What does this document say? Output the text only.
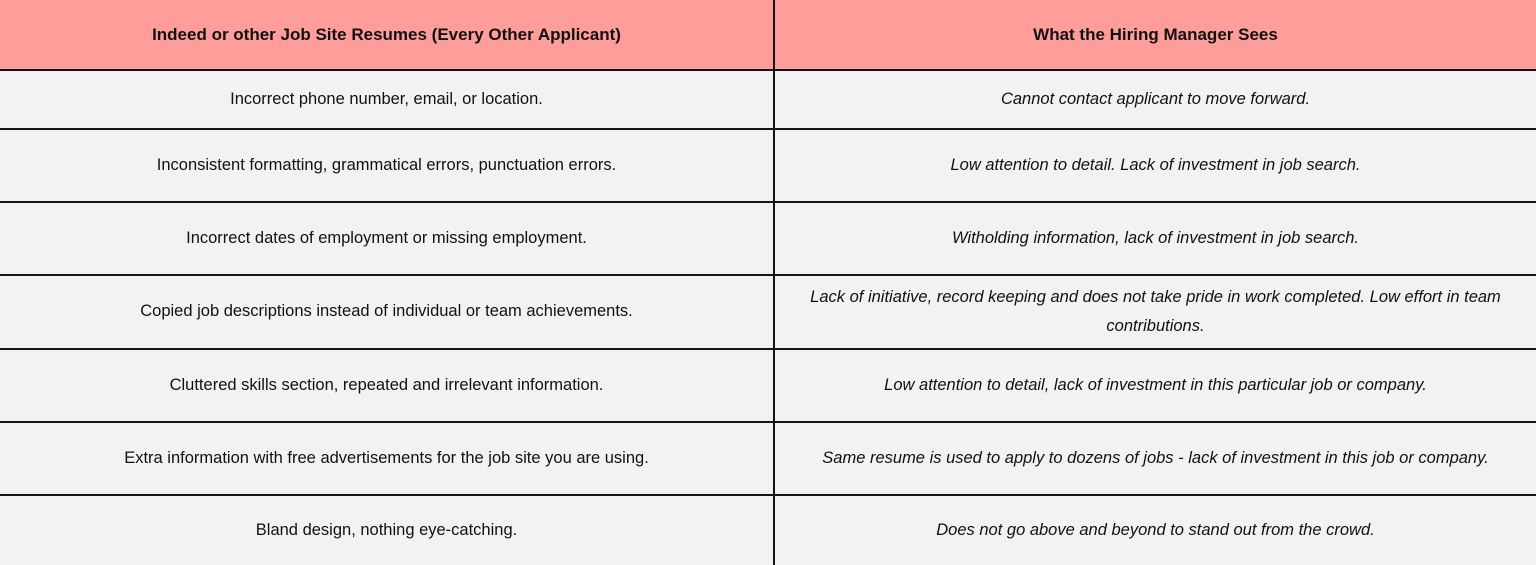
Indeed or other Job Site Resumes (Every Other Applicant)	What the Hiring Manager Sees
Incorrect phone number, email, or location.	Cannot contact applicant to move forward.
Inconsistent formatting, grammatical errors, punctuation errors.	Low attention to detail. Lack of investment in job search.
Incorrect dates of employment or missing employment.	Witholding information, lack of investment in job search.
Copied job descriptions instead of individual or team achievements.	Lack of initiative, record keeping and does not take pride in work completed. Low effort in team contributions.
Cluttered skills section, repeated and irrelevant information.	Low attention to detail, lack of investment in this particular job or company.
Extra information with free advertisements for the job site you are using.	Same resume is used to apply to dozens of jobs - lack of investment in this job or company.
Bland design, nothing eye-catching.	Does not go above and beyond to stand out from the crowd.
